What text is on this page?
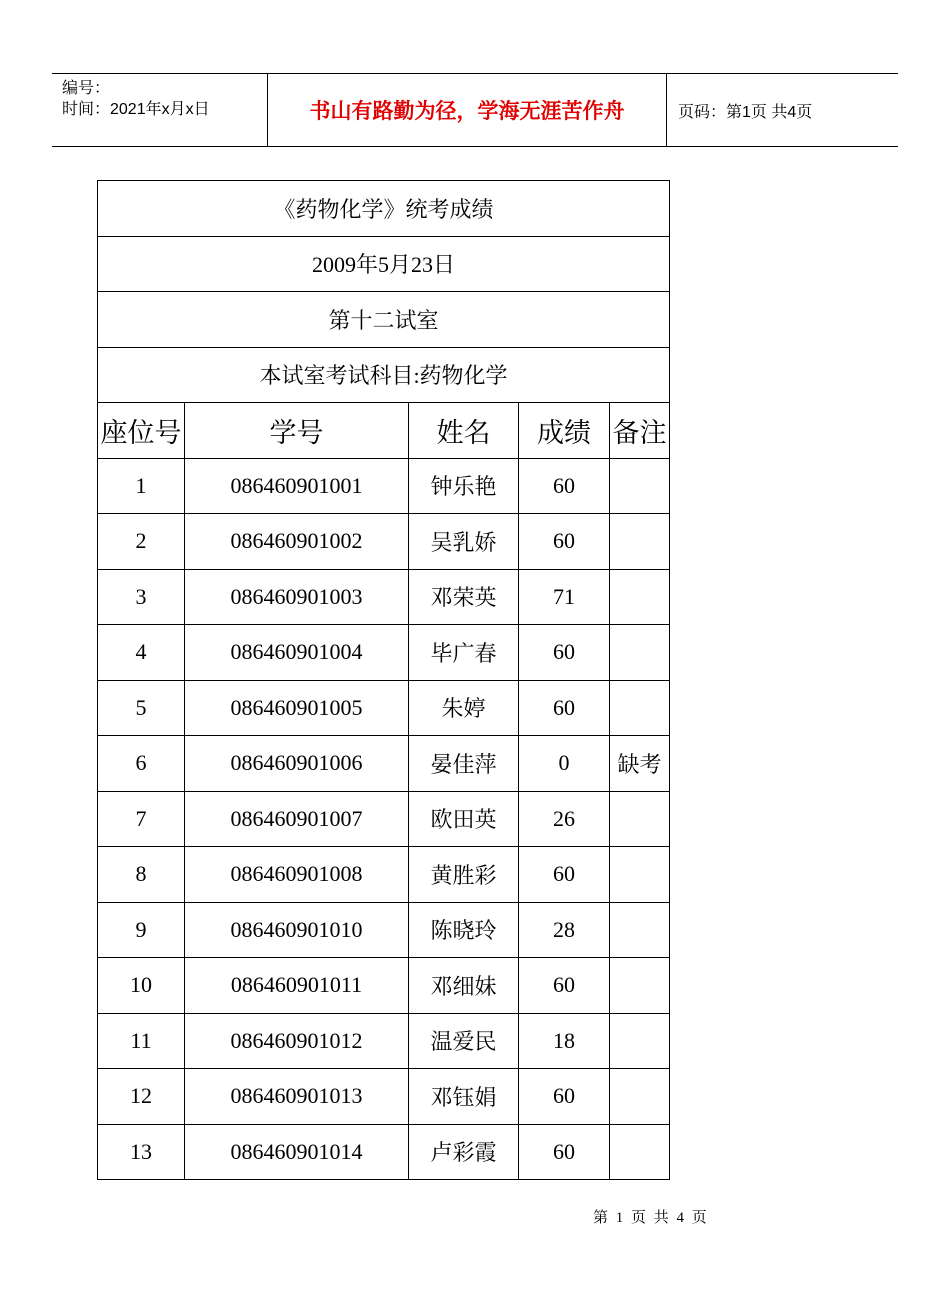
编号：
时间：2021年x月x日	书山有路勤为径，学海无涯苦作舟	页码：第1页 共4页
《药物化学》统考成绩				
2009年5月23日				
第十二试室				
本试室考试科目:药物化学				
座位号	学号	姓名	成绩	备注
1	086460901001	钟乐艳	60	
2	086460901002	吴乳娇	60	
3	086460901003	邓荣英	71	
4	086460901004	毕广春	60	
5	086460901005	朱婷	60	
6	086460901006	晏佳萍	0	缺考
7	086460901007	欧田英	26	
8	086460901008	黄胜彩	60	
9	086460901010	陈晓玲	28	
10	086460901011	邓细妹	60	
11	086460901012	温爱民	18	
12	086460901013	邓钰娟	60	
13	086460901014	卢彩霞	60	
第 1 页 共 4 页
